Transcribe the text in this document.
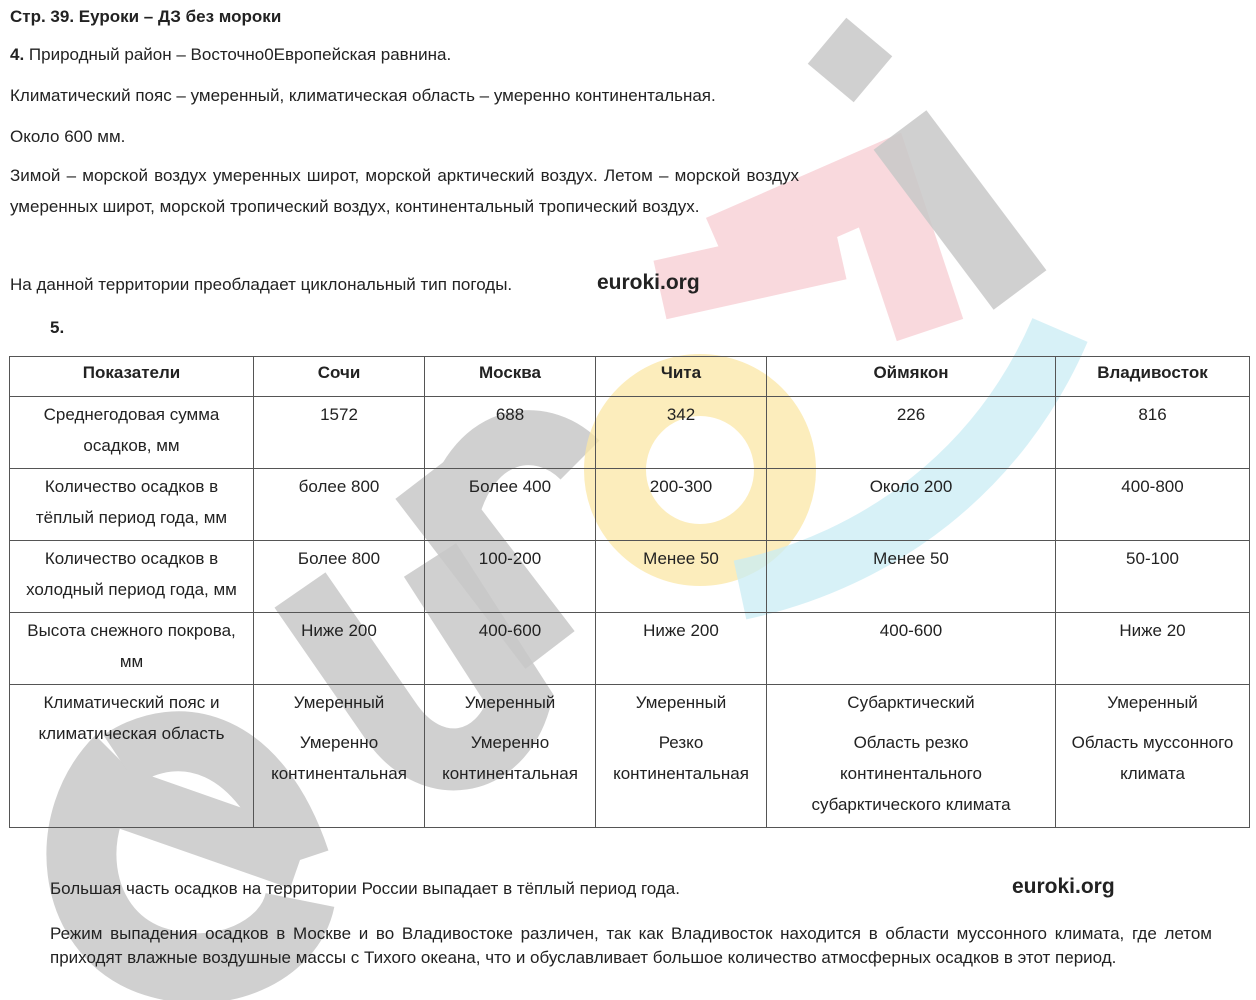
Стр. 39. Еуроки – ДЗ без мороки
4. Природный район – Восточно0Европейская равнина.
Климатический пояс – умеренный, климатическая область – умеренно континентальная.
Около 600 мм.
Зимой – морской воздух умеренных широт, морской арктический воздух. Летом – морской воздух умеренных широт, морской тропический воздух, континентальный тропический воздух.
На данной территории преобладает циклональный тип погоды.	euroki.org
5.
Показатели	Сочи	Москва	Чита	Оймякон	Владивосток

Среднегодовая сумма
осадков, мм	1572	688	342	226	816

Количество осадков в
тёплый период года, мм	более 800	Более 400	200-300	Около 200	400-800

Количество осадков в
холодный период года, мм	Более 800	100-200	Менее 50	Менее 50	50-100

Высота снежного покрова,
мм	Ниже 200	400-600	Ниже 200	400-600	Ниже 20

Климатический пояс и
климатическая область	Умеренный
Умеренно
континентальная	Умеренный
Умеренно
континентальная	Умеренный
Резко
континентальная	Субарктический
Область резко
континентального
субарктического климата	Умеренный
Область муссонного
климата
Большая часть осадков на территории России выпадает в тёплый период года.	euroki.org
Режим выпадения осадков в Москве и во Владивостоке различен, так как Владивосток находится в области муссонного климата, где летом приходят влажные воздушные массы с Тихого океана, что и обуславливает большое количество атмосферных осадков в этот период.
